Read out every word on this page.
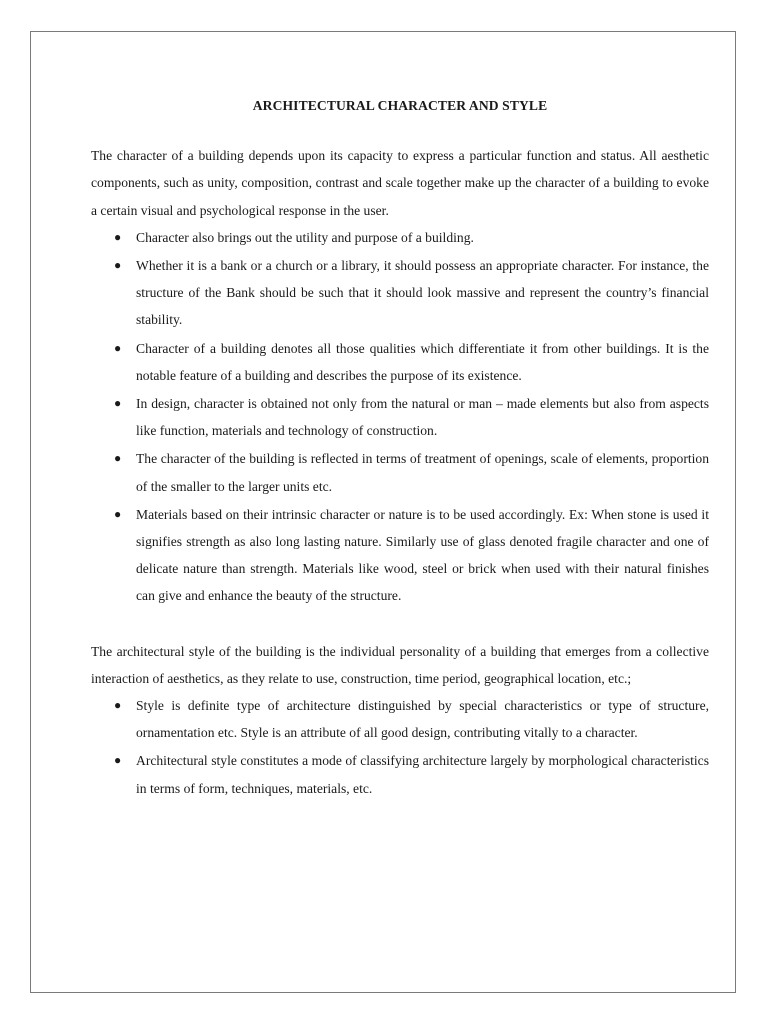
ARCHITECTURAL CHARACTER AND STYLE

The character of a building depends upon its capacity to express a particular function and status. All aesthetic components, such as unity, composition, contrast and scale together make up the character of a building to evoke a certain visual and psychological response in the user.

● Character also brings out the utility and purpose of a building.
● Whether it is a bank or a church or a library, it should possess an appropriate character. For instance, the structure of the Bank should be such that it should look massive and represent the country’s financial stability.
● Character of a building denotes all those qualities which differentiate it from other buildings. It is the notable feature of a building and describes the purpose of its existence.
● In design, character is obtained not only from the natural or man – made elements but also from aspects like function, materials and technology of construction.
● The character of the building is reflected in terms of treatment of openings, scale of elements, proportion of the smaller to the larger units etc.
● Materials based on their intrinsic character or nature is to be used accordingly. Ex: When stone is used it signifies strength as also long lasting nature. Similarly use of glass denoted fragile character and one of delicate nature than strength. Materials like wood, steel or brick when used with their natural finishes can give and enhance the beauty of the structure.

The architectural style of the building is the individual personality of a building that emerges from a collective interaction of aesthetics, as they relate to use, construction, time period, geographical location, etc.;

● Style is definite type of architecture distinguished by special characteristics or type of structure, ornamentation etc. Style is an attribute of all good design, contributing vitally to a character.
● Architectural style constitutes a mode of classifying architecture largely by morphological characteristics in terms of form, techniques, materials, etc.
